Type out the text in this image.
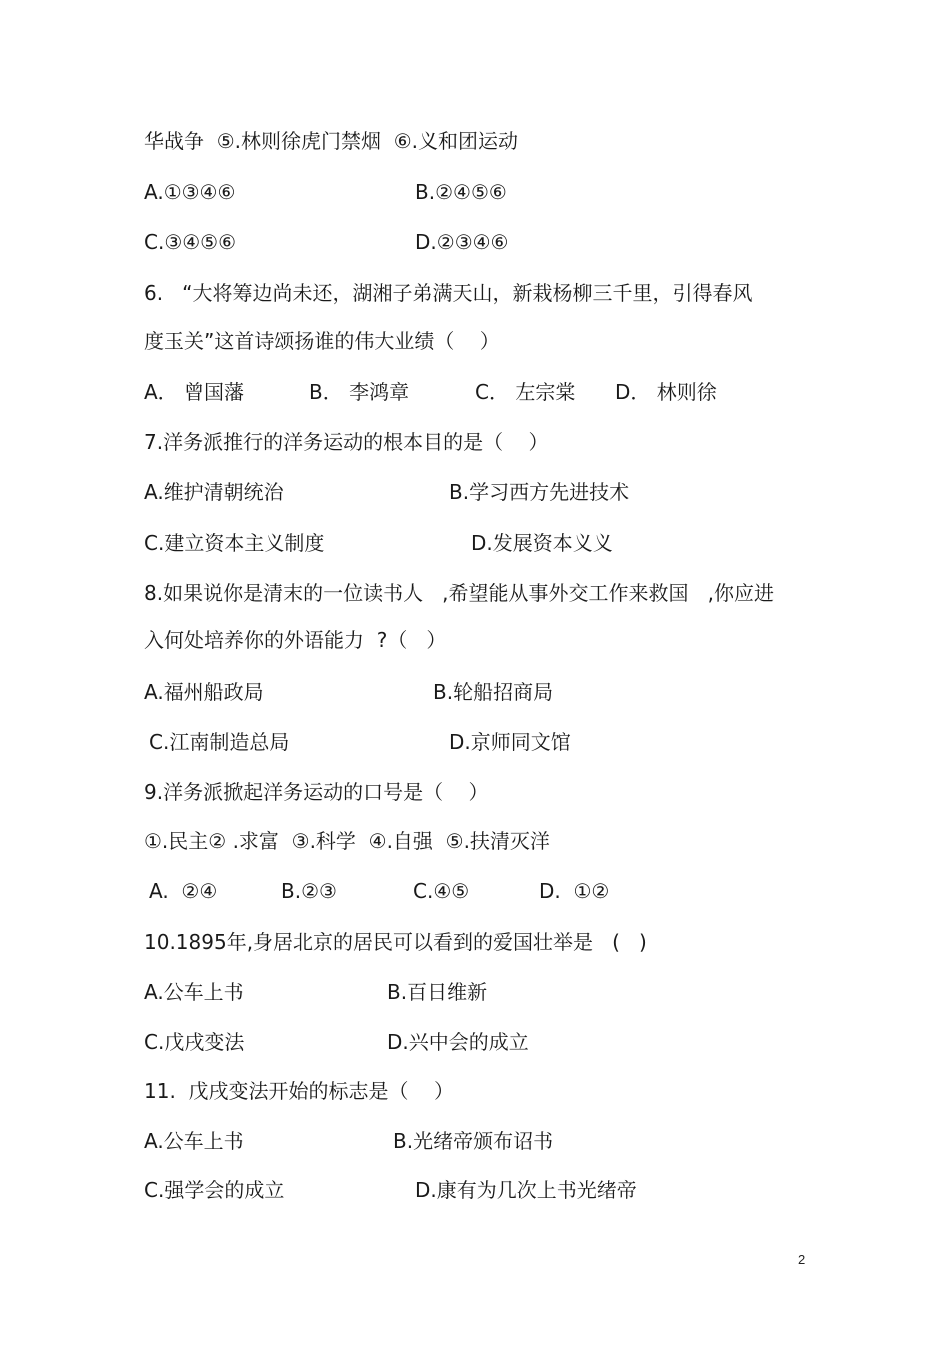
华战争  ⑤.林则徐虎门禁烟  ⑥.义和团运动
A.①③④⑥	B.②④⑤⑥
C.③④⑤⑥	D.②③④⑥
6.   “大将筹边尚未还，湖湘子弟满天山，新栽杨柳三千里，引得春风
度玉关”这首诗颂扬谁的伟大业绩（    ）
A． 曾国藩	B． 李鸿章	C． 左宗棠 D． 林则徐
7.洋务派推行的洋务运动的根本目的是（    ）
A.维护清朝统治	B.学习西方先进技术
C.建立资本主义制度	D.发展资本义义
8.如果说你是清末的一位读书人   ,希望能从事外交工作来救国   ,你应进
入何处培养你的外语能力  ?（   ）
A.福州船政局	B.轮船招商局
C.江南制造总局	D.京师同文馆
9.洋务派掀起洋务运动的口号是（    ）
①.民主② .求富  ③.科学  ④.自强  ⑤.扶清灭洋
A.  ②④	B.②③	C.④⑤	D.  ①②
10.1895年,身居北京的居民可以看到的爱国壮举是   (   )
A.公车上书	B.百日维新
C.戊戌变法	D.兴中会的成立
11.  戊戌变法开始的标志是（    ）
A.公车上书	B.光绪帝颁布诏书
C.强学会的成立	D.康有为几次上书光绪帝
2
